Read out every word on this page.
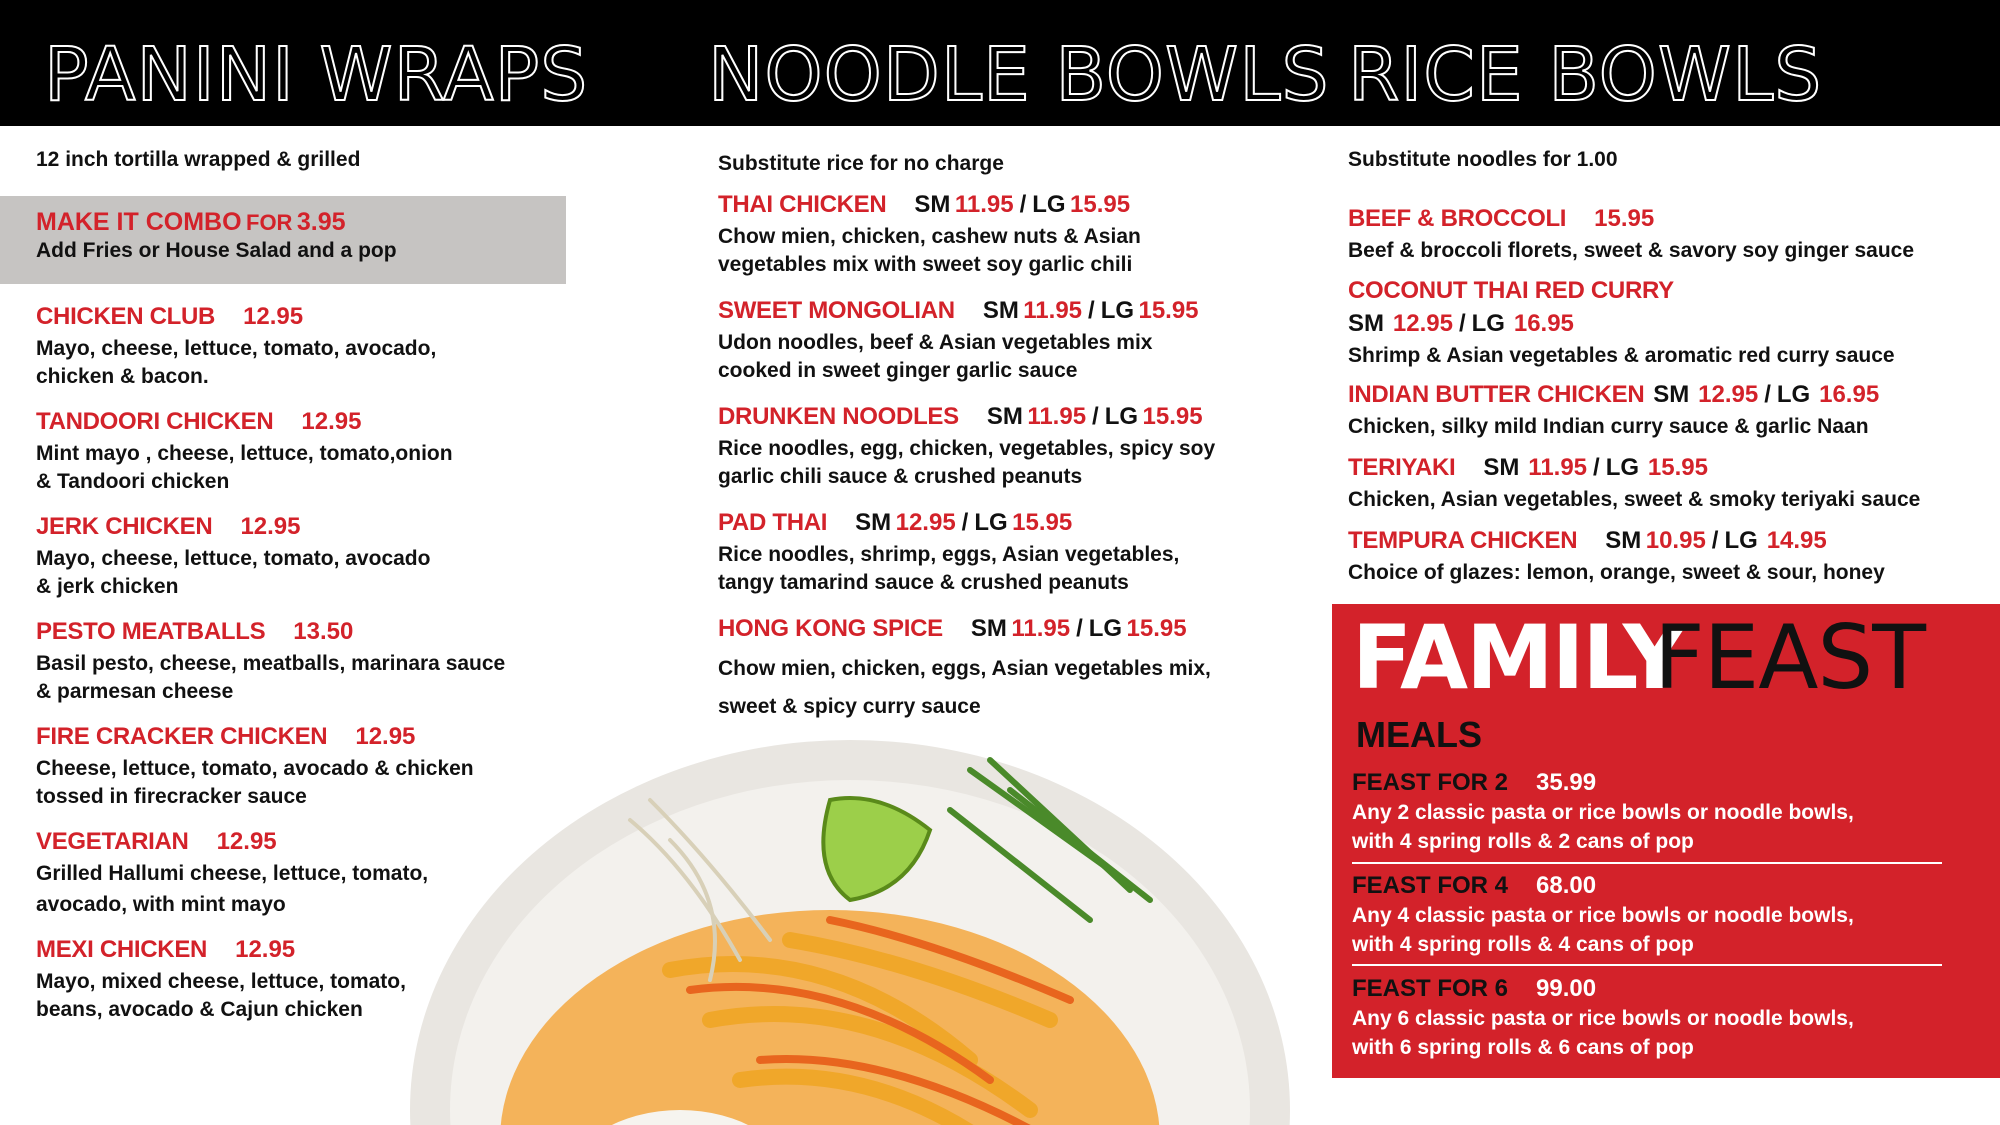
PANINI WRAPS NOODLE BOWLS RICE BOWLS
12 inch tortilla wrapped & grilled
MAKE IT COMBO FOR 3.95
Add Fries or House Salad and a pop
CHICKEN CLUB 12.95
Mayo, cheese, lettuce, tomato, avocado,
chicken & bacon.
TANDOORI CHICKEN 12.95
Mint mayo , cheese, lettuce, tomato,onion
& Tandoori chicken
JERK CHICKEN 12.95
Mayo, cheese, lettuce, tomato, avocado
& jerk chicken
PESTO MEATBALLS 13.50
Basil pesto, cheese, meatballs, marinara sauce
& parmesan cheese
FIRE CRACKER CHICKEN 12.95
Cheese, lettuce, tomato, avocado & chicken
tossed in firecracker sauce
VEGETARIAN 12.95
Grilled Hallumi cheese, lettuce, tomato,
avocado, with mint mayo
MEXI CHICKEN 12.95
Mayo, mixed cheese, lettuce, tomato,
beans, avocado & Cajun chicken
Substitute rice for no charge
THAI CHICKEN SM 11.95 / LG 15.95
Chow mien, chicken, cashew nuts & Asian
vegetables mix with sweet soy garlic chili
SWEET MONGOLIAN SM 11.95 / LG 15.95
Udon noodles, beef & Asian vegetables mix
cooked in sweet ginger garlic sauce
DRUNKEN NOODLES SM 11.95 / LG 15.95
Rice noodles, egg, chicken, vegetables, spicy soy
garlic chili sauce & crushed peanuts
PAD THAI SM 12.95 / LG 15.95
Rice noodles, shrimp, eggs, Asian vegetables,
tangy tamarind sauce & crushed peanuts
HONG KONG SPICE SM 11.95 / LG 15.95
Chow mien, chicken, eggs, Asian vegetables mix,
sweet & spicy curry sauce
Substitute noodles for 1.00
BEEF & BROCCOLI 15.95
Beef & broccoli florets, sweet & savory soy ginger sauce
COCONUT THAI RED CURRY
SM 12.95 / LG 16.95
Shrimp & Asian vegetables & aromatic red curry sauce
INDIAN BUTTER CHICKEN SM 12.95 / LG 16.95
Chicken, silky mild Indian curry sauce & garlic Naan
TERIYAKI SM 11.95 / LG 15.95
Chicken, Asian vegetables, sweet & smoky teriyaki sauce
TEMPURA CHICKEN SM 10.95 / LG 14.95
Choice of glazes: lemon, orange, sweet & sour, honey
FAMILY
FEAST
MEALS
FEAST FOR 2 35.99
Any 2 classic pasta or rice bowls or noodle bowls,
with 4 spring rolls & 2 cans of pop
FEAST FOR 4 68.00
Any 4 classic pasta or rice bowls or noodle bowls,
with 4 spring rolls & 4 cans of pop
FEAST FOR 6 99.00
Any 6 classic pasta or rice bowls or noodle bowls,
with 6 spring rolls & 6 cans of pop
